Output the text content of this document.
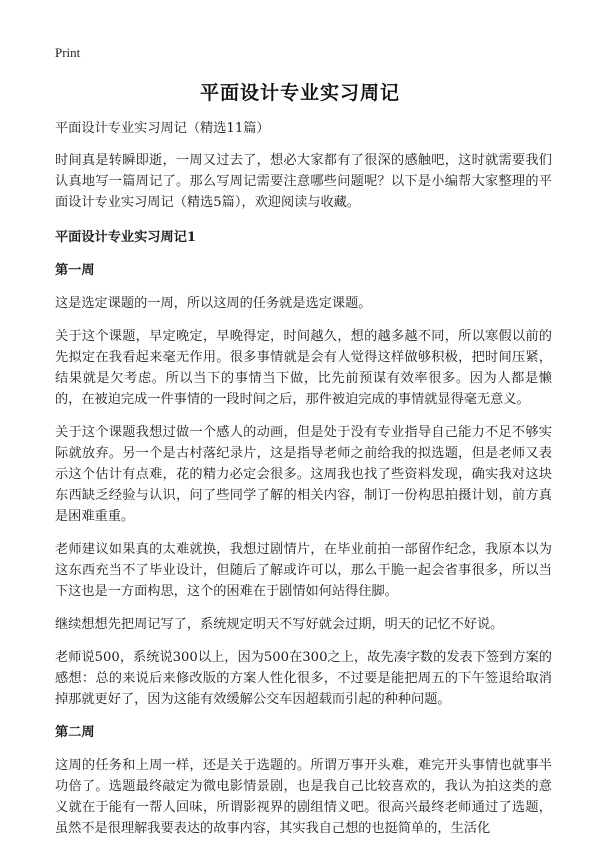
Print
平面设计专业实习周记

平面设计专业实习周记（精选11篇）

时间真是转瞬即逝，一周又过去了，想必大家都有了很深的感触吧，这时就需要我们认真地写一篇周记了。那么写周记需要注意哪些问题呢？以下是小编帮大家整理的平面设计专业实习周记（精选5篇），欢迎阅读与收藏。

平面设计专业实习周记1
第一周

这是选定课题的一周，所以这周的任务就是选定课题。

关于这个课题，早定晚定，早晚得定，时间越久，想的越多越不同，所以寒假以前的先拟定在我看起来毫无作用。很多事情就是会有人觉得这样做够积极，把时间压紧，结果就是欠考虑。所以当下的事情当下做，比先前预谋有效率很多。因为人都是懒的，在被迫完成一件事情的一段时间之后，那件被迫完成的事情就显得毫无意义。

关于这个课题我想过做一个感人的动画，但是处于没有专业指导自己能力不足不够实际就放弃。另一个是古村落纪录片，这是指导老师之前给我的拟选题，但是老师又表示这个估计有点难，花的精力必定会很多。这周我也找了些资料发现，确实我对这块东西缺乏经验与认识，问了些同学了解的相关内容，制订一份构思拍摄计划，前方真是困难重重。

老师建议如果真的太难就换，我想过剧情片，在毕业前拍一部留作纪念，我原本以为这东西充当不了毕业设计，但随后了解或许可以，那么干脆一起会省事很多，所以当下这也是一方面构思，这个的困难在于剧情如何站得住脚。

继续想想先把周记写了，系统规定明天不写好就会过期，明天的记忆不好说。

老师说500，系统说300以上，因为500在300之上，故先凑字数的发表下签到方案的感想：总的来说后来修改版的方案人性化很多，不过要是能把周五的下午签退给取消掉那就更好了，因为这能有效缓解公交车因超载而引起的种种问题。

第二周

这周的任务和上周一样，还是关于选题的。所谓万事开头难，难完开头事情也就事半功倍了。选题最终敲定为微电影情景剧，也是我自己比较喜欢的，我认为拍这类的意义就在于能有一帮人回味，所谓影视界的剧组情义吧。很高兴最终老师通过了选题，虽然不是很理解我要表达的故事内容，其实我自己想的也挺简单的，生活化
